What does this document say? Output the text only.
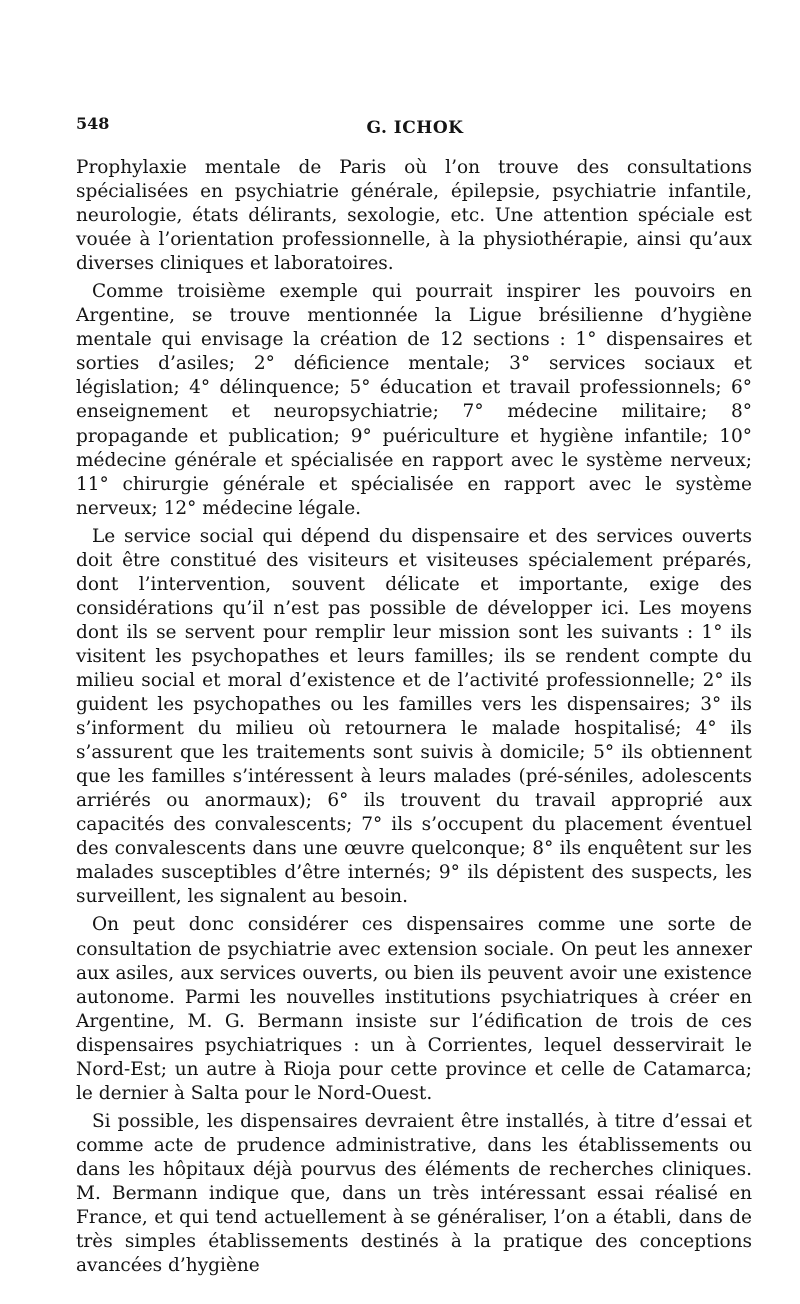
548	G. ICHOK

Prophylaxie mentale de Paris où l’on trouve des consultations spécialisées en psychiatrie générale, épilepsie, psychiatrie infantile, neurologie, états délirants, sexologie, etc. Une attention spéciale est vouée à l’orientation professionnelle, à la physiothérapie, ainsi qu’aux diverses cliniques et laboratoires.

Comme troisième exemple qui pourrait inspirer les pouvoirs en Argentine, se trouve mentionnée la Ligue brésilienne d’hygiène mentale qui envisage la création de 12 sections : 1° dispensaires et sorties d’asiles; 2° déficience mentale; 3° services sociaux et législation; 4° délinquence; 5° éducation et travail professionnels; 6° enseignement et neuropsychiatrie; 7° médecine militaire; 8° propagande et publication; 9° puériculture et hygiène infantile; 10° médecine générale et spécialisée en rapport avec le système nerveux; 11° chirurgie générale et spécialisée en rapport avec le système nerveux; 12° médecine légale.

Le service social qui dépend du dispensaire et des services ouverts doit être constitué des visiteurs et visiteuses spécialement préparés, dont l’intervention, souvent délicate et importante, exige des considérations qu’il n’est pas possible de développer ici. Les moyens dont ils se servent pour remplir leur mission sont les suivants : 1° ils visitent les psychopathes et leurs familles; ils se rendent compte du milieu social et moral d’existence et de l’activité professionnelle; 2° ils guident les psychopathes ou les familles vers les dispensaires; 3° ils s’informent du milieu où retournera le malade hospitalisé; 4° ils s’assurent que les traitements sont suivis à domicile; 5° ils obtiennent que les familles s’intéressent à leurs malades (pré-séniles, adolescents arriérés ou anormaux); 6° ils trouvent du travail approprié aux capacités des convalescents; 7° ils s’occupent du placement éventuel des convalescents dans une œuvre quelconque; 8° ils enquêtent sur les malades susceptibles d’être internés; 9° ils dépistent des suspects, les surveillent, les signalent au besoin.

On peut donc considérer ces dispensaires comme une sorte de consultation de psychiatrie avec extension sociale. On peut les annexer aux asiles, aux services ouverts, ou bien ils peuvent avoir une existence autonome. Parmi les nouvelles institutions psychiatriques à créer en Argentine, M. G. Bermann insiste sur l’édification de trois de ces dispensaires psychiatriques : un à Corrientes, lequel desservirait le Nord-Est; un autre à Rioja pour cette province et celle de Catamarca; le dernier à Salta pour le Nord-Ouest.

Si possible, les dispensaires devraient être installés, à titre d’essai et comme acte de prudence administrative, dans les établissements ou dans les hôpitaux déjà pourvus des éléments de recherches cliniques. M. Bermann indique que, dans un très intéressant essai réalisé en France, et qui tend actuellement à se généraliser, l’on a établi, dans de très simples établissements destinés à la pratique des conceptions avancées d’hygiène
